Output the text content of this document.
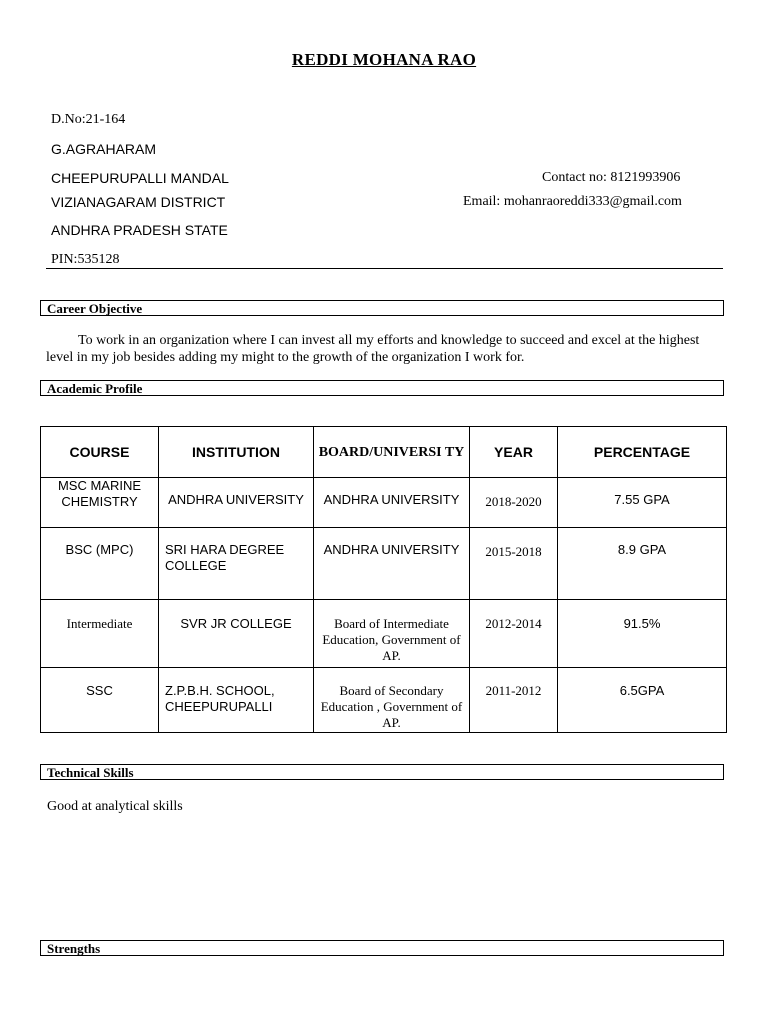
REDDI MOHANA RAO
D.No:21-164
G.AGRAHARAM
CHEEPURUPALLI MANDAL
VIZIANAGARAM DISTRICT
ANDHRA PRADESH STATE
PIN:535128
Contact no: 8121993906
Email: mohanraoreddi333@gmail.com
Career Objective
To work in an organization where I can invest all my efforts and knowledge to succeed and excel at the highest level in my job besides adding my might to the growth of the organization I work for.
Academic Profile
COURSE	INSTITUTION	BOARD/UNIVERSI TY	YEAR	PERCENTAGE
MSC MARINE CHEMISTRY	ANDHRA UNIVERSITY	ANDHRA UNIVERSITY	2018-2020	7.55 GPA
BSC (MPC)	SRI HARA DEGREE COLLEGE	ANDHRA UNIVERSITY	2015-2018	8.9 GPA
Intermediate	SVR JR COLLEGE	Board of Intermediate Education, Government of AP.	2012-2014	91.5%
SSC	Z.P.B.H. SCHOOL, CHEEPURUPALLI	Board of Secondary Education , Government of AP.	2011-2012	6.5GPA
Technical Skills
Good at analytical skills
Strengths
